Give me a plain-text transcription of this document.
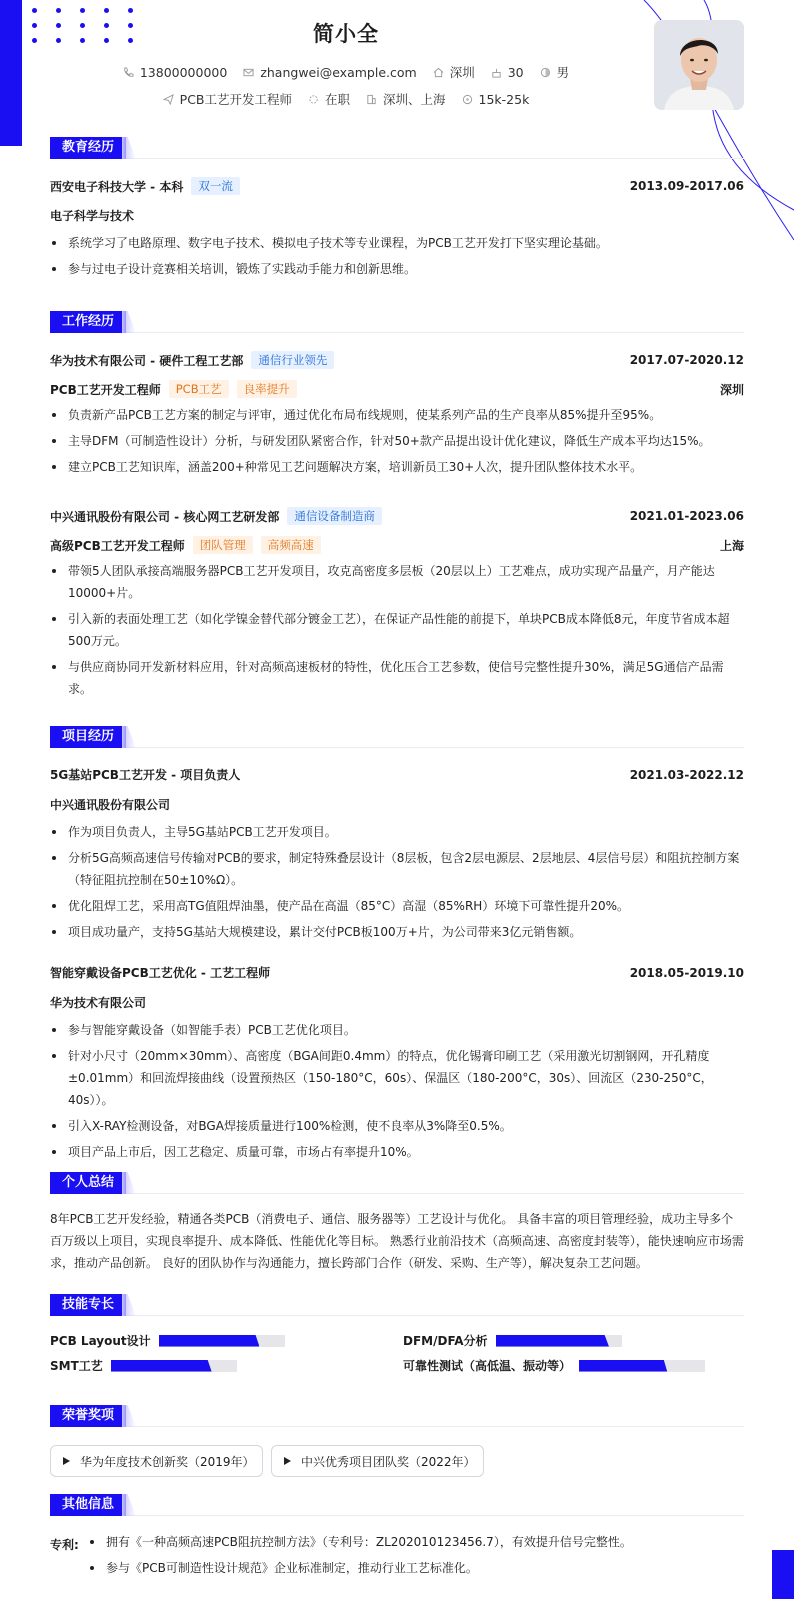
简小全
13800000000	zhangwei@example.com	深圳	30	男
PCB工艺开发工程师	在职	深圳、上海	15k-25k
教育经历
西安电子科技大学 - 本科	双一流	2013.09-2017.06
电子科学与技术
系统学习了电路原理、数字电子技术、模拟电子技术等专业课程，为PCB工艺开发打下坚实理论基础。
参与过电子设计竞赛相关培训，锻炼了实践动手能力和创新思维。
工作经历
华为技术有限公司 - 硬件工程工艺部	通信行业领先	2017.07-2020.12
PCB工艺开发工程师	PCB工艺	良率提升	深圳
负责新产品PCB工艺方案的制定与评审，通过优化布局布线规则，使某系列产品的生产良率从85%提升至95%。
主导DFM（可制造性设计）分析，与研发团队紧密合作，针对50+款产品提出设计优化建议，降低生产成本平均达15%。
建立PCB工艺知识库，涵盖200+种常见工艺问题解决方案，培训新员工30+人次，提升团队整体技术水平。
中兴通讯股份有限公司 - 核心网工艺研发部	通信设备制造商	2021.01-2023.06
高级PCB工艺开发工程师	团队管理	高频高速	上海
带领5人团队承接高端服务器PCB工艺开发项目，攻克高密度多层板（20层以上）工艺难点，成功实现产品量产，月产能达10000+片。
引入新的表面处理工艺（如化学镍金替代部分镀金工艺），在保证产品性能的前提下，单块PCB成本降低8元，年度节省成本超500万元。
与供应商协同开发新材料应用，针对高频高速板材的特性，优化压合工艺参数，使信号完整性提升30%，满足5G通信产品需求。
项目经历
5G基站PCB工艺开发 - 项目负责人	2021.03-2022.12
中兴通讯股份有限公司
作为项目负责人，主导5G基站PCB工艺开发项目。
分析5G高频高速信号传输对PCB的要求，制定特殊叠层设计（8层板，包含2层电源层、2层地层、4层信号层）和阻抗控制方案（特征阻抗控制在50±10%Ω）。
优化阻焊工艺，采用高TG值阻焊油墨，使产品在高温（85°C）高湿（85%RH）环境下可靠性提升20%。
项目成功量产，支持5G基站大规模建设，累计交付PCB板100万+片，为公司带来3亿元销售额。
智能穿戴设备PCB工艺优化 - 工艺工程师	2018.05-2019.10
华为技术有限公司
参与智能穿戴设备（如智能手表）PCB工艺优化项目。
针对小尺寸（20mm×30mm）、高密度（BGA间距0.4mm）的特点，优化锡膏印刷工艺（采用激光切割钢网，开孔精度±0.01mm）和回流焊接曲线（设置预热区（150-180°C，60s）、保温区（180-200°C，30s）、回流区（230-250°C，40s））。
引入X-RAY检测设备，对BGA焊接质量进行100%检测，使不良率从3%降至0.5%。
项目产品上市后，因工艺稳定、质量可靠，市场占有率提升10%。
个人总结
8年PCB工艺开发经验，精通各类PCB（消费电子、通信、服务器等）工艺设计与优化。 具备丰富的项目管理经验，成功主导多个百万级以上项目，实现良率提升、成本降低、性能优化等目标。 熟悉行业前沿技术（高频高速、高密度封装等），能快速响应市场需求，推动产品创新。 良好的团队协作与沟通能力，擅长跨部门合作（研发、采购、生产等），解决复杂工艺问题。
技能专长
PCB Layout设计	DFM/DFA分析
SMT工艺	可靠性测试（高低温、振动等）
荣誉奖项
华为年度技术创新奖（2019年）	中兴优秀项目团队奖（2022年）
其他信息
专利:	拥有《一种高频高速PCB阻抗控制方法》（专利号：ZL202010123456.7），有效提升信号完整性。
参与《PCB可制造性设计规范》企业标准制定，推动行业工艺标准化。
